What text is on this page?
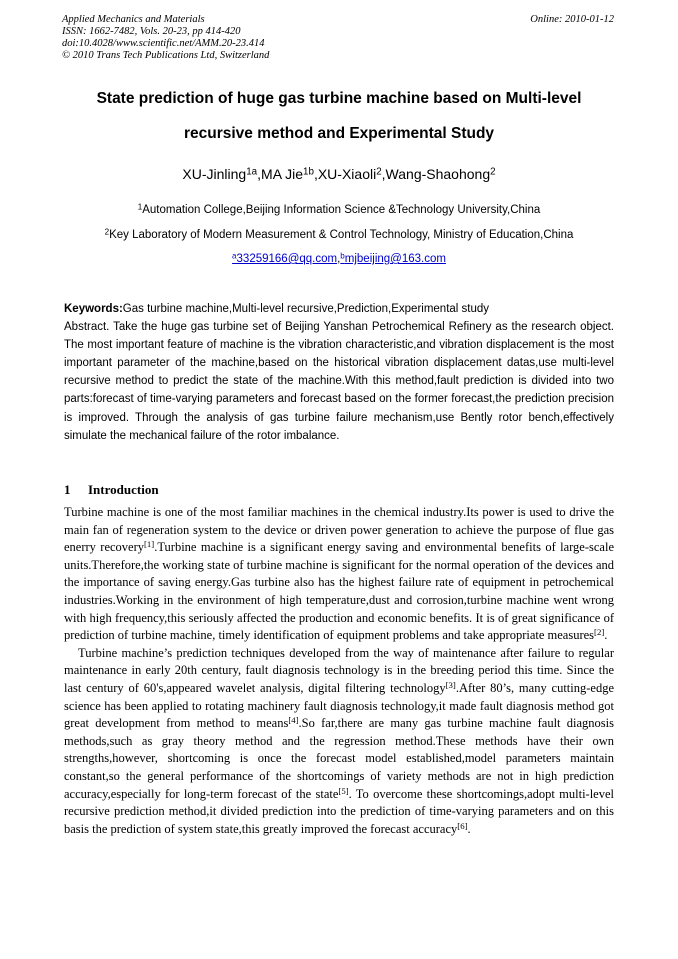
Applied Mechanics and Materials
ISSN: 1662-7482, Vols. 20-23, pp 414-420
doi:10.4028/www.scientific.net/AMM.20-23.414
© 2010 Trans Tech Publications Ltd, Switzerland
Online: 2010-01-12
State prediction of huge gas turbine machine based on Multi-level
recursive method and Experimental Study
XU-Jinling$^{1a}$,MA Jie$^{1b}$,XU-Xiaoli$^2$,Wang-Shaohong$^2$
$^1$Automation College,Beijing Information Science &Technology University,China
$^2$Key Laboratory of Modern Measurement & Control Technology, Ministry of Education,China
$^a$33259166@qq.com,$^b$mjbeijing@163.com

Keywords:Gas turbine machine,Multi-level recursive,Prediction,Experimental study

Abstract. Take the huge gas turbine set of Beijing Yanshan Petrochemical Refinery as the research object. The most important feature of machine is the vibration characteristic,and vibration displacement is the most important parameter of the machine,based on the historical vibration displacement datas,use multi-level recursive method to predict the state of the machine.With this method,fault prediction is divided into two parts:forecast of time-varying parameters and forecast based on the former forecast,the prediction precision is improved. Through the analysis of gas turbine failure mechanism,use Bently rotor bench,effectively simulate the mechanical failure of the rotor imbalance.

1 Introduction

Turbine machine is one of the most familiar machines in the chemical industry.Its power is used to drive the main fan of regeneration system to the device or driven power generation to achieve the purpose of flue gas enerry recovery[1].Turbine machine is a significant energy saving and environmental benefits of large-scale units.Therefore,the working state of turbine machine is significant for the normal operation of the devices and the importance of saving energy.Gas turbine also has the highest failure rate of equipment in petrochemical industries.Working in the environment of high temperature,dust and corrosion,turbine machine went wrong with high frequency,this seriously affected the production and economic benefits. It is of great significance of prediction of turbine machine, timely identification of equipment problems and take appropriate measures[2].

Turbine machine’s prediction techniques developed from the way of maintenance after failure to regular maintenance in early 20th century, fault diagnosis technology is in the breeding period this time. Since the last century of 60's,appeared wavelet analysis, digital filtering technology[3].After 80’s, many cutting-edge science has been applied to rotating machinery fault diagnosis technology,it made fault diagnosis method got great development from method to means[4].So far,there are many gas turbine machine fault diagnosis methods,such as gray theory method and the regression method.These methods have their own strengths,however, shortcoming is once the forecast model established,model parameters maintain constant,so the general performance of the shortcomings of variety methods are not in high prediction accuracy,especially for long-term forecast of the state[5]. To overcome these shortcomings,adopt multi-level recursive prediction method,it divided prediction into the prediction of time-varying parameters and on this basis the prediction of system state,this greatly improved the forecast accuracy[6].
